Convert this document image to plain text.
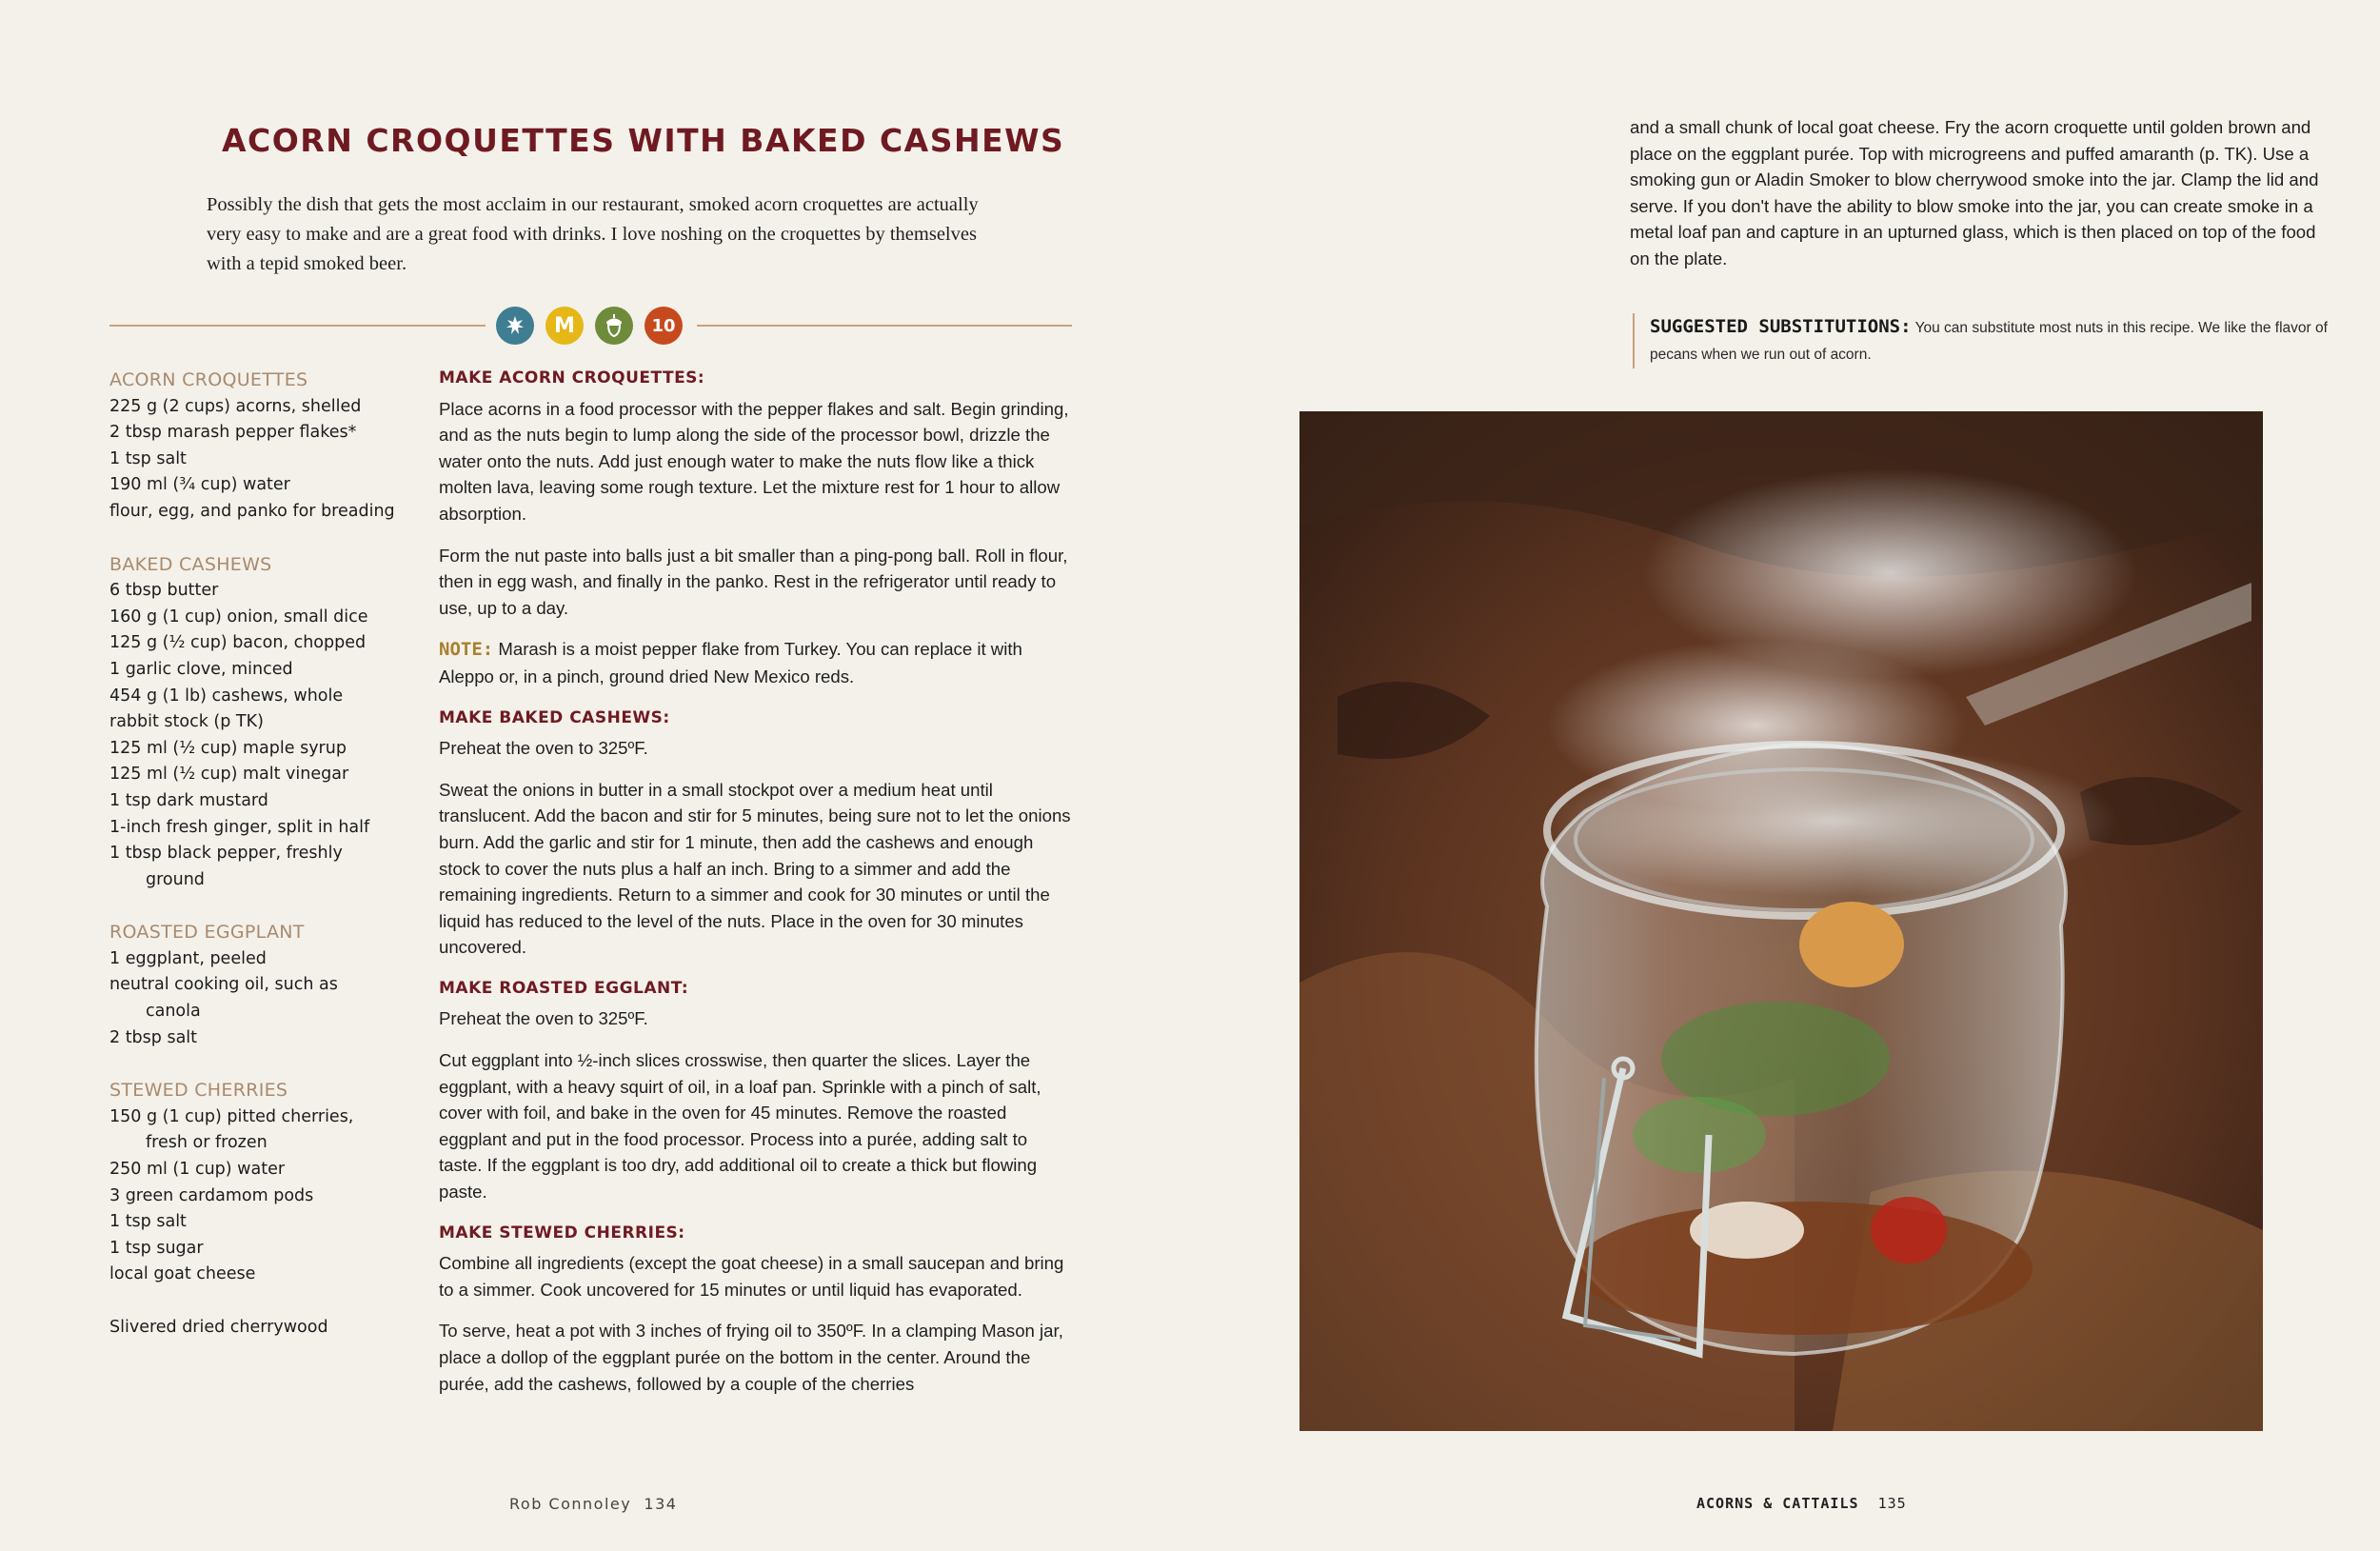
ACORN CROQUETTES WITH BAKED CASHEWS
Possibly the dish that gets the most acclaim in our restaurant, smoked acorn croquettes are actually very easy to make and are a great food with drinks. I love noshing on the croquettes by themselves with a tepid smoked beer.
M	10
ACORN CROQUETTES
225 g (2 cups) acorns, shelled
2 tbsp marash pepper flakes*
1 tsp salt
190 ml (¾ cup) water
flour, egg, and panko for breading
BAKED CASHEWS
6 tbsp butter
160 g (1 cup) onion, small dice
125 g (½ cup) bacon, chopped
1 garlic clove, minced
454 g (1 lb) cashews, whole
rabbit stock (p TK)
125 ml (½ cup) maple syrup
125 ml (½ cup) malt vinegar
1 tsp dark mustard
1-inch fresh ginger, split in half
1 tbsp black pepper, freshly ground
ROASTED EGGPLANT
1 eggplant, peeled
neutral cooking oil, such as canola
2 tbsp salt
STEWED CHERRIES
150 g (1 cup) pitted cherries, fresh or frozen
250 ml (1 cup) water
3 green cardamom pods
1 tsp salt
1 tsp sugar
local goat cheese
Slivered dried cherrywood
MAKE ACORN CROQUETTES:

Place acorns in a food processor with the pepper flakes and salt. Begin grinding, and as the nuts begin to lump along the side of the processor bowl, drizzle the water onto the nuts. Add just enough water to make the nuts flow like a thick molten lava, leaving some rough texture. Let the mixture rest for 1 hour to allow absorption.

Form the nut paste into balls just a bit smaller than a ping-pong ball. Roll in flour, then in egg wash, and finally in the panko. Rest in the refrigerator until ready to use, up to a day.

NOTE: Marash is a moist pepper flake from Turkey. You can replace it with Aleppo or, in a pinch, ground dried New Mexico reds.

MAKE BAKED CASHEWS:

Preheat the oven to 325ºF.

Sweat the onions in butter in a small stockpot over a medium heat until translucent. Add the bacon and stir for 5 minutes, being sure not to let the onions burn. Add the garlic and stir for 1 minute, then add the cashews and enough stock to cover the nuts plus a half an inch. Bring to a simmer and add the remaining ingredients. Return to a simmer and cook for 30 minutes or until the liquid has reduced to the level of the nuts. Place in the oven for 30 minutes uncovered.

MAKE ROASTED EGGLANT:

Preheat the oven to 325ºF.

Cut eggplant into ½-inch slices crosswise, then quarter the slices. Layer the eggplant, with a heavy squirt of oil, in a loaf pan. Sprinkle with a pinch of salt, cover with foil, and bake in the oven for 45 minutes. Remove the roasted eggplant and put in the food processor. Process into a purée, adding salt to taste. If the eggplant is too dry, add additional oil to create a thick but flowing paste.

MAKE STEWED CHERRIES:

Combine all ingredients (except the goat cheese) in a small saucepan and bring to a simmer. Cook uncovered for 15 minutes or until liquid has evaporated.

To serve, heat a pot with 3 inches of frying oil to 350ºF. In a clamping Mason jar, place a dollop of the eggplant purée on the bottom in the center. Around the purée, add the cashews, followed by a couple of the cherries

Rob Connoley 134
and a small chunk of local goat cheese. Fry the acorn croquette until golden brown and place on the eggplant purée. Top with microgreens and puffed amaranth (p. TK). Use a smoking gun or Aladin Smoker to blow cherrywood smoke into the jar. Clamp the lid and serve. If you don't have the ability to blow smoke into the jar, you can create smoke in a metal loaf pan and capture in an upturned glass, which is then placed on top of the food on the plate.
SUGGESTED SUBSTITUTIONS: You can substitute most nuts in this recipe. We like the flavor of pecans when we run out of acorn.
ACORNS & CATTAILS 135
